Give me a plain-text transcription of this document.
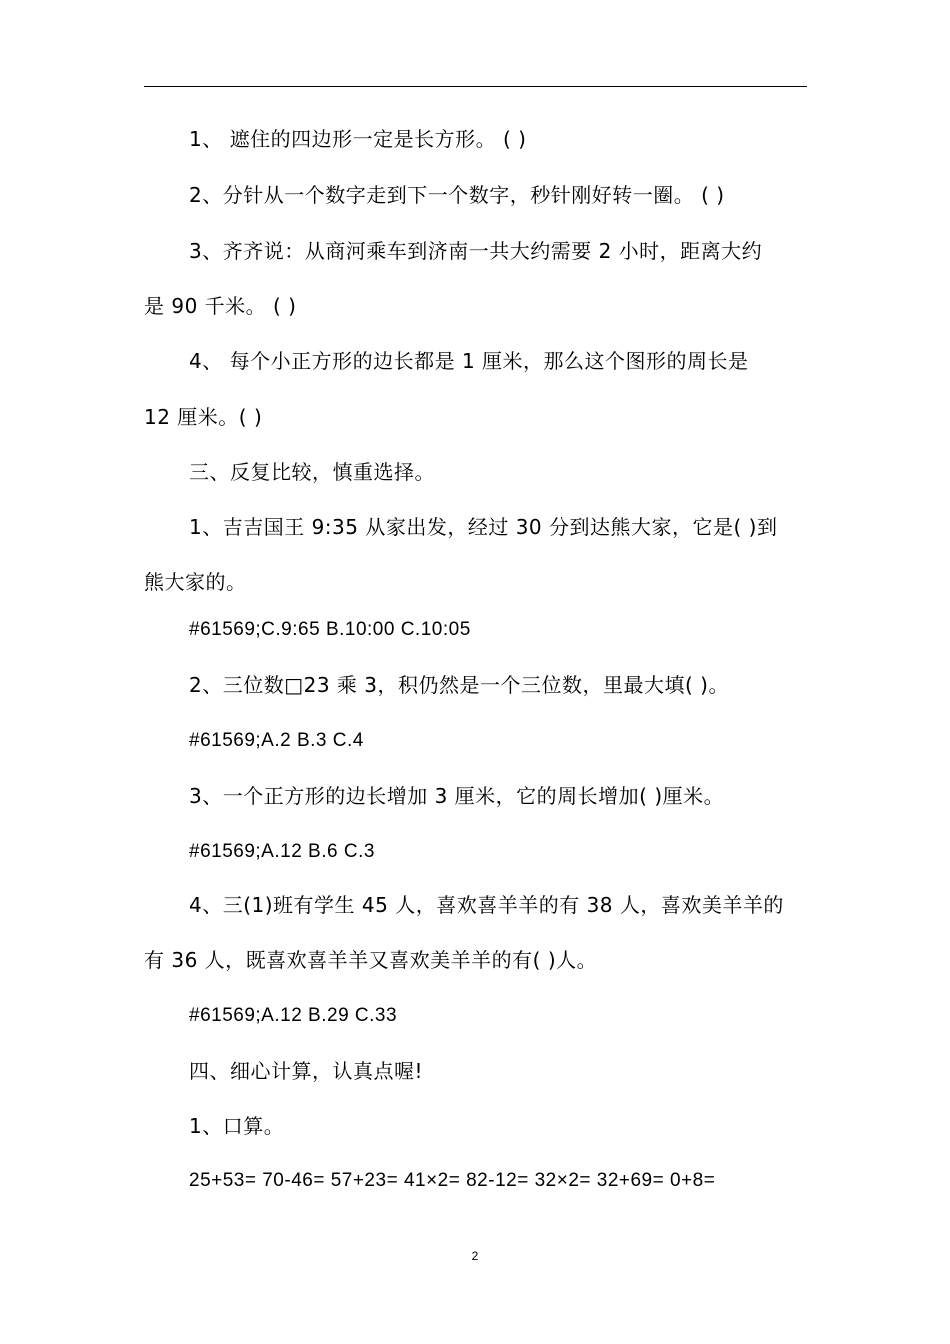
1、 遮住的四边形一定是长方形。 ( )
2、分针从一个数字走到下一个数字，秒针刚好转一圈。 ( )
3、齐齐说：从商河乘车到济南一共大约需要 2 小时，距离大约
是 90 千米。 ( )
4、 每个小正方形的边长都是 1 厘米，那么这个图形的周长是
12 厘米。( )
三、反复比较，慎重选择。
1、吉吉国王 9:35 从家出发，经过 30 分到达熊大家，它是( )到
熊大家的。
#61569;C.9:65 B.10:00 C.10:05
2、三位数□23 乘 3，积仍然是一个三位数，里最大填( )。
#61569;A.2 B.3 C.4
3、一个正方形的边长增加 3 厘米，它的周长增加( )厘米。
#61569;A.12 B.6 C.3
4、三(1)班有学生 45 人，喜欢喜羊羊的有 38 人，喜欢美羊羊的
有 36 人，既喜欢喜羊羊又喜欢美羊羊的有( )人。
#61569;A.12 B.29 C.33
四、细心计算，认真点喔!
1、口算。
25+53= 70-46= 57+23= 41×2= 82-12= 32×2= 32+69= 0+8=
2
